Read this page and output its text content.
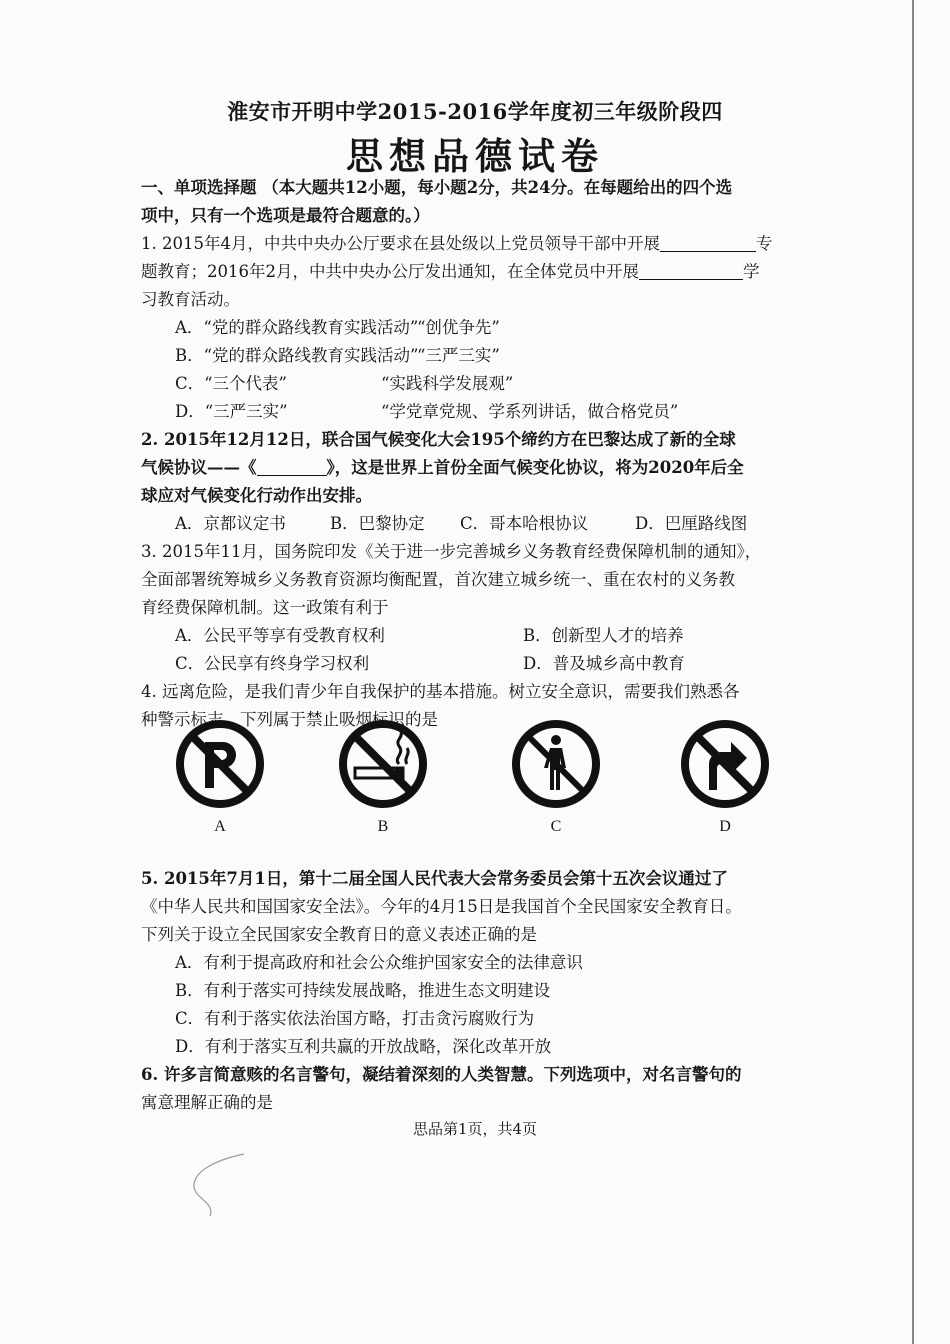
淮安市开明中学2015-2016学年度初三年级阶段四
思想品德试卷
一、单项选择题 （本大题共12小题，每小题2分，共24分。在每题给出的四个选
项中，只有一个选项是最符合题意的。）
1. 2015年4月，中共中央办公厅要求在县处级以上党员领导干部中开展	专
题教育；2016年2月，中共中央办公厅发出通知，在全体党员中开展	学
习教育活动。
A．“党的群众路线教育实践活动”
“创优争先”
B．“党的群众路线教育实践活动”
“三严三实”
C．“三个代表”	“实践科学发展观”
D．“三严三实”	“学党章党规、学系列讲话，做合格党员”
2. 2015年12月12日，联合国气候变化大会195个缔约方在巴黎达成了新的全球
气候协议——《	》，这是世界上首份全面气候变化协议，将为2020年后全
球应对气候变化行动作出安排。
A．京都议定书	B．巴黎协定	C．哥本哈根协议	D．巴厘路线图
3. 2015年11月，国务院印发《关于进一步完善城乡义务教育经费保障机制的通知》，
全面部署统筹城乡义务教育资源均衡配置，首次建立城乡统一、重在农村的义务教
育经费保障机制。这一政策有利于
A．公民平等享有受教育权利	B．创新型人才的培养
C．公民享有终身学习权利	D．普及城乡高中教育
4. 远离危险，是我们青少年自我保护的基本措施。树立安全意识，需要我们熟悉各
种警示标志。下列属于禁止吸烟标识的是
A	B	C	D
5. 2015年7月1日，第十二届全国人民代表大会常务委员会第十五次会议通过了
《中华人民共和国国家安全法》。今年的4月15日是我国首个全民国家安全教育日。
下列关于设立全民国家安全教育日的意义表述正确的是
A．有利于提高政府和社会公众维护国家安全的法律意识
B．有利于落实可持续发展战略，推进生态文明建设
C．有利于落实依法治国方略，打击贪污腐败行为
D．有利于落实互利共赢的开放战略，深化改革开放
6. 许多言简意赅的名言警句，凝结着深刻的人类智慧。下列选项中，对名言警句的
寓意理解正确的是
思品第1页，共4页
